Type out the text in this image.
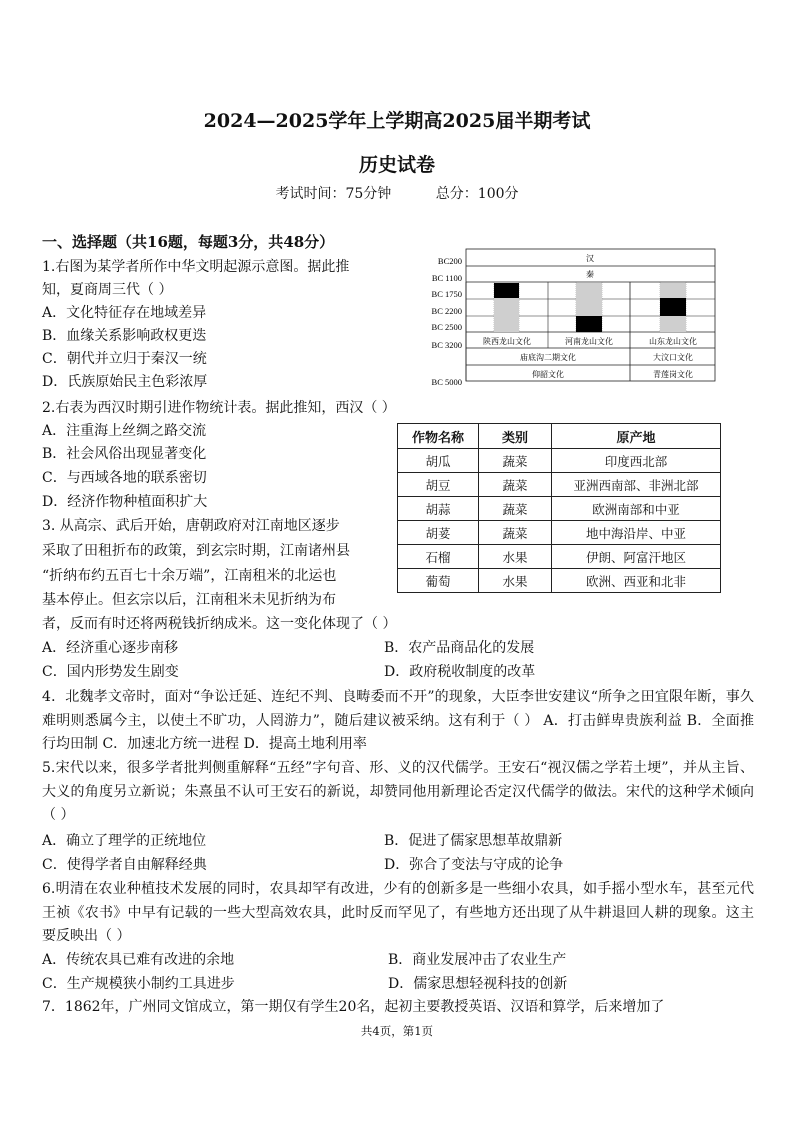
2024—2025学年上学期高2025届半期考试
历史试卷
考试时间：75分钟          总分：100分
一、选择题（共16题，每题3分，共48分）
1.右图为某学者所作中华文明起源示意图。据此推
知，夏商周三代（ ）
A．文化特征存在地域差异
B．血缘关系影响政权更迭
C．朝代并立归于秦汉一统
D．氏族原始民主色彩浓厚
BC200
BC 1100
BC 1750
BC 2200
BC 2500
BC 3200
BC 5000
汉
秦
陕西龙山文化	河南龙山文化	山东龙山文化
庙底沟二期文化	大汶口文化
仰韶文化	青莲岗文化
2.右表为西汉时期引进作物统计表。据此推知，西汉（ ）
A．注重海上丝绸之路交流
B．社会风俗出现显著变化
C．与西域各地的联系密切
D．经济作物种植面积扩大
作物名称	类别	原产地
胡瓜	蔬菜	印度西北部
胡豆	蔬菜	亚洲西南部、非洲北部
胡蒜	蔬菜	欧洲南部和中亚
胡荽	蔬菜	地中海沿岸、中亚
石榴	水果	伊朗、阿富汗地区
葡萄	水果	欧洲、西亚和北非
3. 从高宗、武后开始，唐朝政府对江南地区逐步
采取了田租折布的政策，到玄宗时期，江南诸州县
“折纳布约五百七十余万端”，江南租米的北运也
基本停止。但玄宗以后，江南租米未见折纳为布
者，反而有时还将两税钱折纳成米。这一变化体现了（ ）
A．经济重心逐步南移	B．农产品商品化的发展
C．国内形势发生剧变	D．政府税收制度的改革
4．北魏孝文帝时，面对“争讼迁延、连纪不判、良畴委而不开”的现象，大臣李世安建议“所争之田宜限年断，事久难明则悉属今主，以使土不旷功，人罔游力”，随后建议被采纳。这有利于（ ） A．打击鲜卑贵族利益 B．全面推行均田制 C．加速北方统一进程 D．提高土地利用率
5.宋代以来，很多学者批判侧重解释“五经”字句音、形、义的汉代儒学。王安石“视汉儒之学若土埂”，并从主旨、大义的角度另立新说；朱熹虽不认可王安石的新说，却赞同他用新理论否定汉代儒学的做法。宋代的这种学术倾向（ ）
A．确立了理学的正统地位	B．促进了儒家思想革故鼎新
C．使得学者自由解释经典	D．弥合了变法与守成的论争
6.明清在农业种植技术发展的同时，农具却罕有改进，少有的创新多是一些细小农具，如手摇小型水车，甚至元代王祯《农书》中早有记载的一些大型高效农具，此时反而罕见了，有些地方还出现了从牛耕退回人耕的现象。这主要反映出（ ）
A．传统农具已难有改进的余地	B．商业发展冲击了农业生产
C．生产规模狭小制约工具进步	D．儒家思想轻视科技的创新
7．1862年，广州同文馆成立，第一期仅有学生20名，起初主要教授英语、汉语和算学，后来增加了
共4页，第1页
